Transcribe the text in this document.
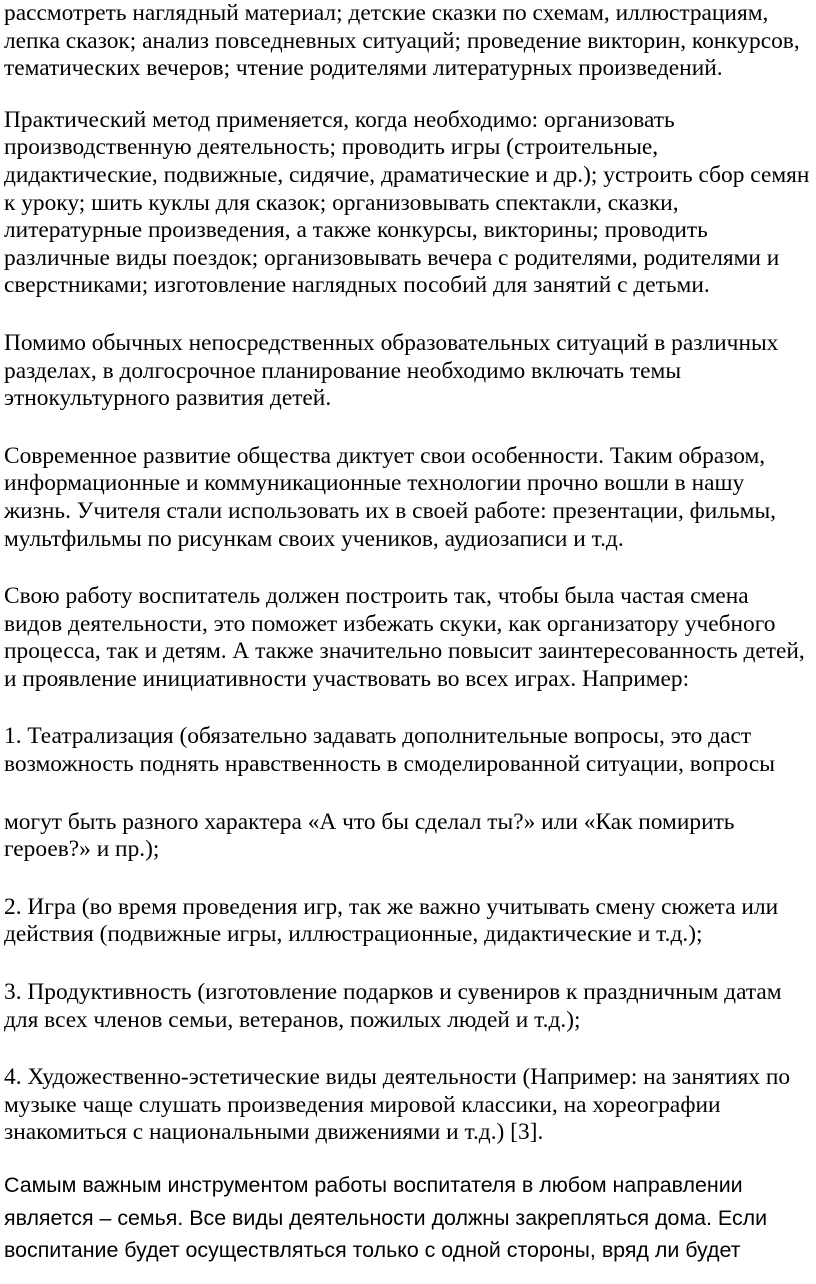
рассмотреть наглядный материал; детские сказки по схемам, иллюстрациям, лепка сказок; анализ повседневных ситуаций; проведение викторин, конкурсов, тематических вечеров; чтение родителями литературных произведений.

Практический метод применяется, когда необходимо: организовать производственную деятельность; проводить игры (строительные, дидактические, подвижные, сидячие, драматические и др.); устроить сбор семян к уроку; шить куклы для сказок; организовывать спектакли, сказки, литературные произведения, а также конкурсы, викторины; проводить различные виды поездок; организовывать вечера с родителями, родителями и сверстниками; изготовление наглядных пособий для занятий с детьми.

Помимо обычных непосредственных образовательных ситуаций в различных разделах, в долгосрочное планирование необходимо включать темы этнокультурного развития детей.

Современное развитие общества диктует свои особенности. Таким образом, информационные и коммуникационные технологии прочно вошли в нашу жизнь. Учителя стали использовать их в своей работе: презентации, фильмы, мультфильмы по рисункам своих учеников, аудиозаписи и т.д.

Свою работу воспитатель должен построить так, чтобы была частая смена видов деятельности, это поможет избежать скуки, как организатору учебного процесса, так и детям. А также значительно повысит заинтересованность детей, и проявление инициативности участвовать во всех играх. Например:

1. Театрализация (обязательно задавать дополнительные вопросы, это даст возможность поднять нравственность в смоделированной ситуации, вопросы

могут быть разного характера «А что бы сделал ты?» или «Как помирить героев?» и пр.);

2. Игра (во время проведения игр, так же важно учитывать смену сюжета или действия (подвижные игры, иллюстрационные, дидактические и т.д.);

3. Продуктивность (изготовление подарков и сувениров к праздничным датам для всех членов семьи, ветеранов, пожилых людей и т.д.);

4. Художественно-эстетические виды деятельности (Например: на занятиях по музыке чаще слушать произведения мировой классики, на хореографии знакомиться с национальными движениями и т.д.) [3].

Самым важным инструментом работы воспитателя в любом направлении является – семья. Все виды деятельности должны закрепляться дома. Если воспитание будет осуществляться только с одной стороны, вряд ли будет
